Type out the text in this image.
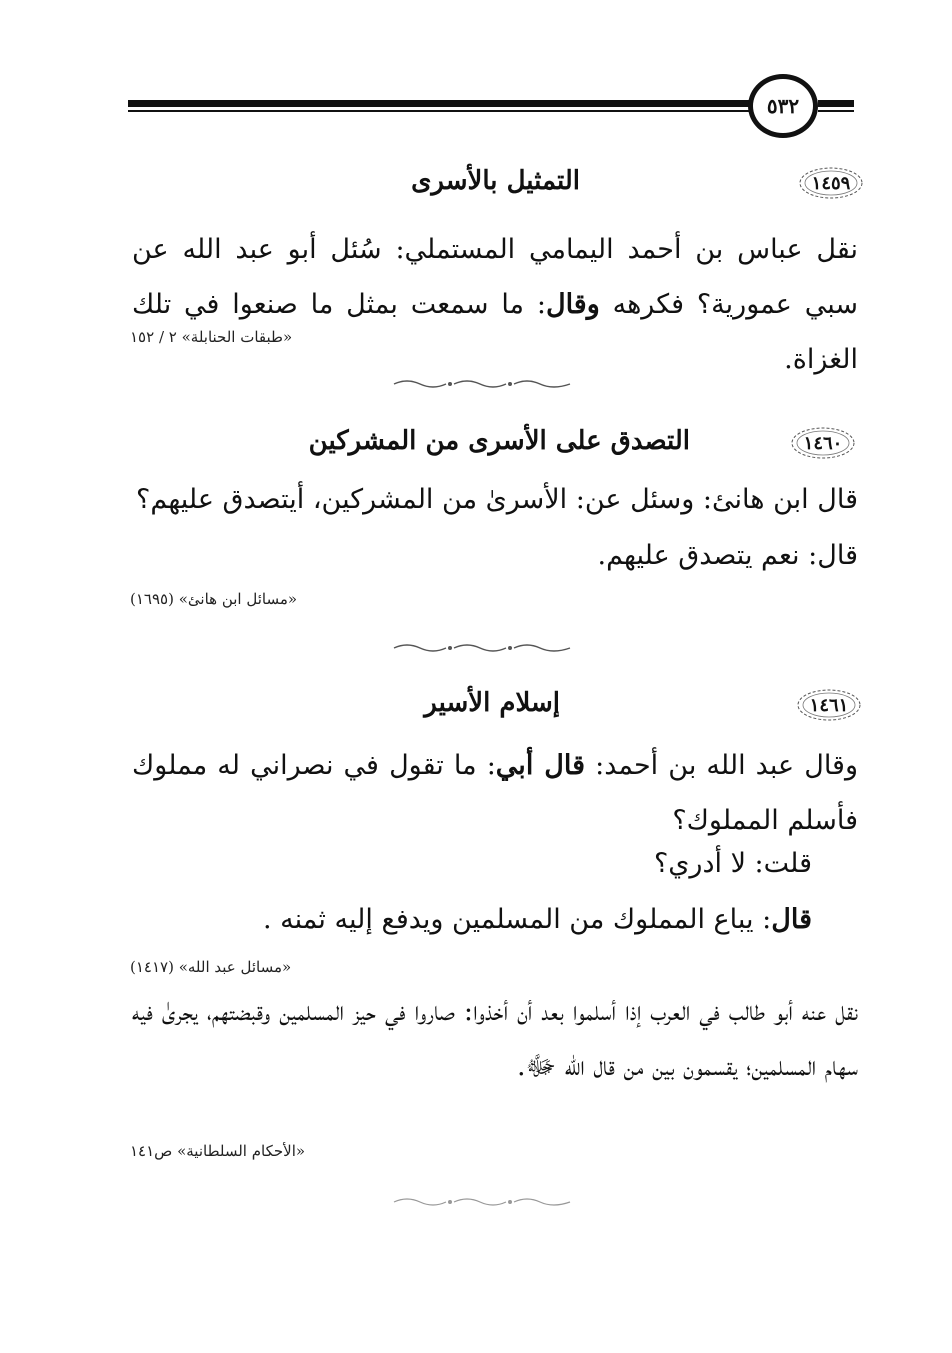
٥٣٢
١٤٥٩
التمثيل بالأسرى
نقل عباس بن أحمد اليمامي المستملي: سُئل أبو عبد الله عن سبي عمورية؟ فكرهه وقال: ما سمعت بمثل ما صنعوا في تلك الغزاة.
«طبقات الحنابلة» ٢ / ١٥٢
١٤٦٠
التصدق على الأسرى من المشركين
قال ابن هانئ: وسئل عن: الأسرىٰ من المشركين، أيتصدق عليهم؟
قال: نعم يتصدق عليهم.
«مسائل ابن هانئ» (١٦٩٥)
١٤٦١
إسلام الأسير
وقال عبد الله بن أحمد: قال أبي: ما تقول في نصراني له مملوك فأسلم المملوك؟
قلت: لا أدري؟
قال: يباع المملوك من المسلمين ويدفع إليه ثمنه .
«مسائل عبد الله» (١٤١٧)
نقل عنه أبو طالب في العرب إذا أسلموا بعد أن أخذوا: صاروا في حيز المسلمين وقبضتهم، يجرىٰ فيه سهام المسلمين؛ يقسمون بين من قال الله ﷻ.
«الأحكام السلطانية» ص١٤١
